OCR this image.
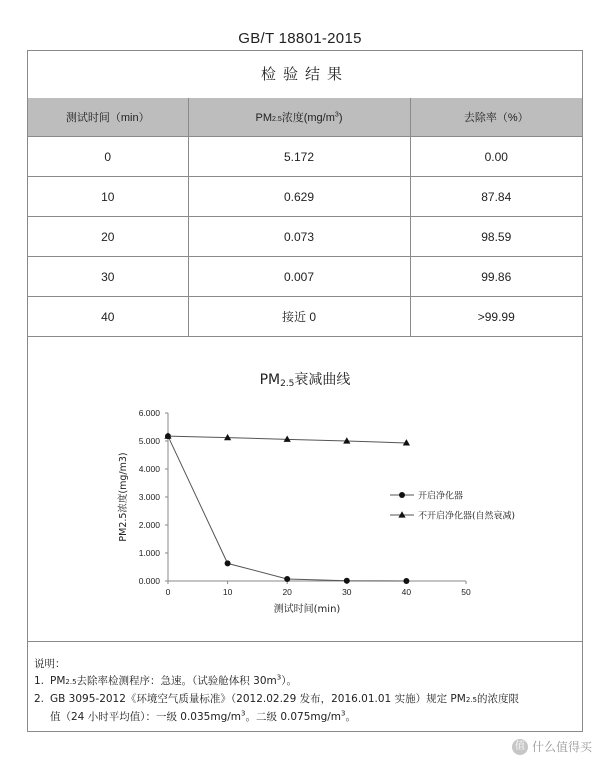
GB/T 18801-2015
检验结果
测试时间（min）	PM2.5浓度$(mg/m^3)$	去除率（%）
0	5.172	0.00
10	0.629	87.84
20	0.073	98.59
30	0.007	99.86
40	接近 0	>99.99
$PM_{2.5}$衰减曲线
0.000
1.000
2.000
3.000
4.000
5.000
6.000
0	10	20	30	40	50
测试时间(min)
PM2.5浓度(mg/m3)	开启净化器
不开启净化器(自然衰减)
说明：
1. PM2.5去除率检测程序：急速。（试验舱体积 $30m^3$）。
2. GB 3095-2012《环境空气质量标准》（2012.02.29 发布，2016.01.01 实施）规定 PM2.5的浓度限
值（24 小时平均值）：一级 $0.035mg/m^3$。二级 $0.075mg/m^3$。
值 什么值得买
